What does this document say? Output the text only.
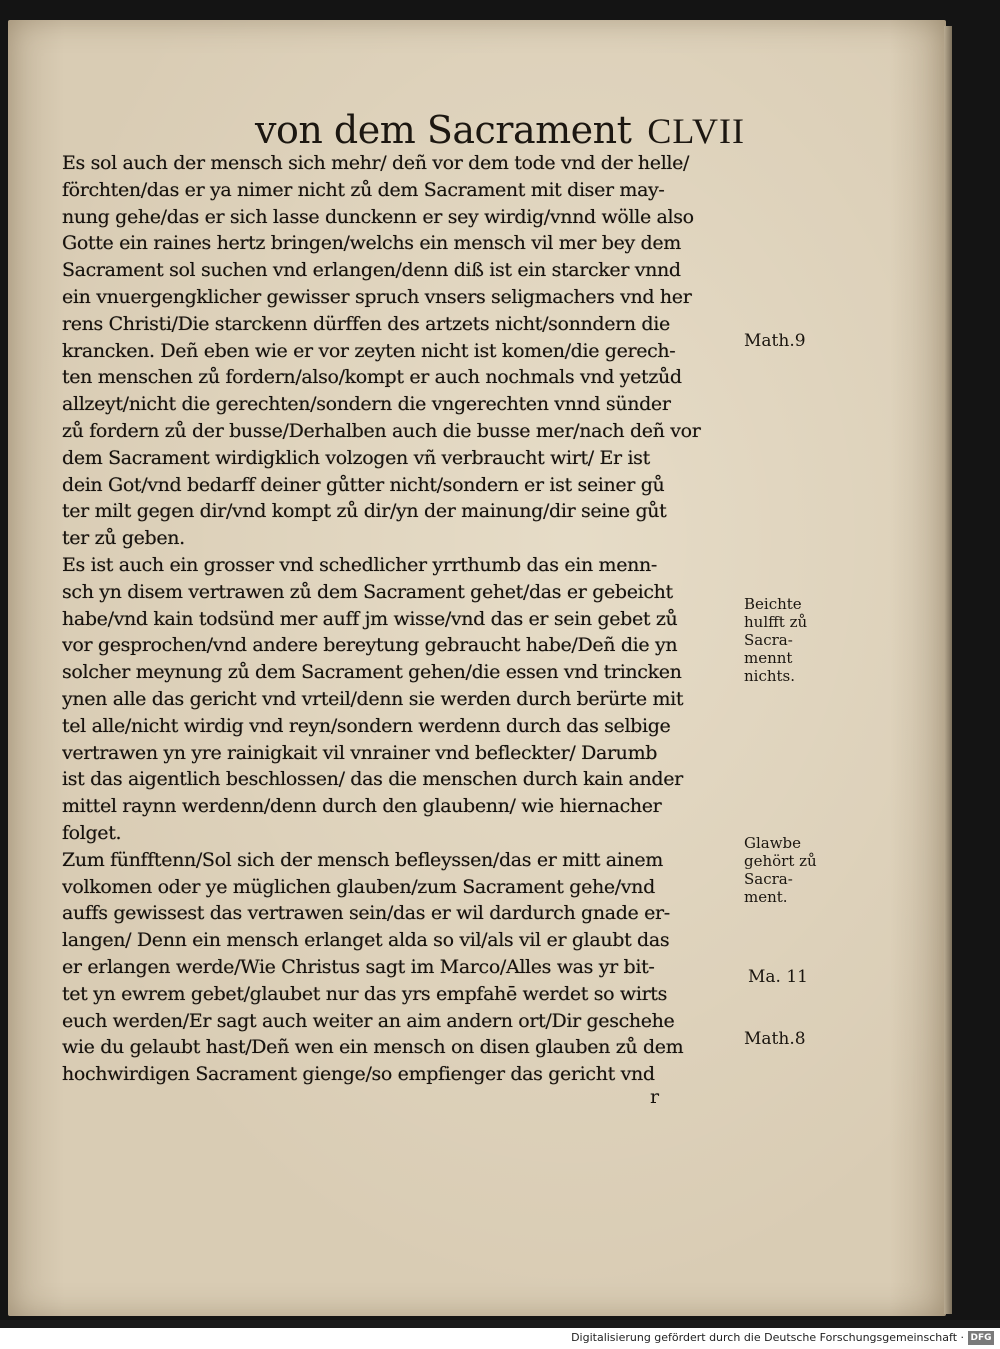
von dem Sacrament CLVII
Es sol auch der mensch sich mehr/ deñ vor dem tode vnd der helle/
förchten/das er ya nimer nicht zů dem Sacrament mit diser may-
nung gehe/das er sich lasse dunckenn er sey wirdig/vnnd wölle also
Gotte ein raines hertz bringen/welchs ein mensch vil mer bey dem
Sacrament sol suchen vnd erlangen/denn diß ist ein starcker vnnd
ein vnuergengklicher gewisser spruch vnsers seligmachers vnd her
rens Christi/Die starckenn dürffen des artzets nicht/sonndern die
krancken. Deñ eben wie er vor zeyten nicht ist komen/die gerech-
ten menschen zů fordern/also/kompt er auch nochmals vnd yetzůd
allzeyt/nicht die gerechten/sondern die vngerechten vnnd sünder
zů fordern zů der busse/Derhalben auch die busse mer/nach deñ vor
dem Sacrament wirdigklich volzogen vñ verbraucht wirt/ Er ist
dein Got/vnd bedarff deiner gůtter nicht/sondern er ist seiner gů
ter milt gegen dir/vnd kompt zů dir/yn der mainung/dir seine gůt
ter zů geben.
Es ist auch ein grosser vnd schedlicher yrrthumb das ein menn-
sch yn disem vertrawen zů dem Sacrament gehet/das er gebeicht
habe/vnd kain todsünd mer auff jm wisse/vnd das er sein gebet zů
vor gesprochen/vnd andere bereytung gebraucht habe/Deñ die yn
solcher meynung zů dem Sacrament gehen/die essen vnd trincken
ynen alle das gericht vnd vrteil/denn sie werden durch berürte mit
tel alle/nicht wirdig vnd reyn/sondern werdenn durch das selbige
vertrawen yn yre rainigkait vil vnrainer vnd befleckter/ Darumb
ist das aigentlich beschlossen/ das die menschen durch kain ander
mittel raynn werdenn/denn durch den glaubenn/ wie hiernacher
folget.
Zum fünfftenn/Sol sich der mensch befleyssen/das er mitt ainem
volkomen oder ye müglichen glauben/zum Sacrament gehe/vnd
auffs gewissest das vertrawen sein/das er wil dardurch gnade er-
langen/ Denn ein mensch erlanget alda so vil/als vil er glaubt das
er erlangen werde/Wie Christus sagt im Marco/Alles was yr bit-
tet yn ewrem gebet/glaubet nur das yrs empfahē werdet so wirts
euch werden/Er sagt auch weiter an aim andern ort/Dir geschehe
wie du gelaubt hast/Deñ wen ein mensch on disen glauben zů dem
hochwirdigen Sacrament gienge/so empfienger das gericht vnd
Math.9
Beichte
hulfft zů
Sacra-
mennt
nichts.
Glawbe
gehört zů
Sacra-
ment.
Ma. 11
Math.8
r
Digitalisierung gefördert durch die Deutsche Forschungsgemeinschaft · DFG
